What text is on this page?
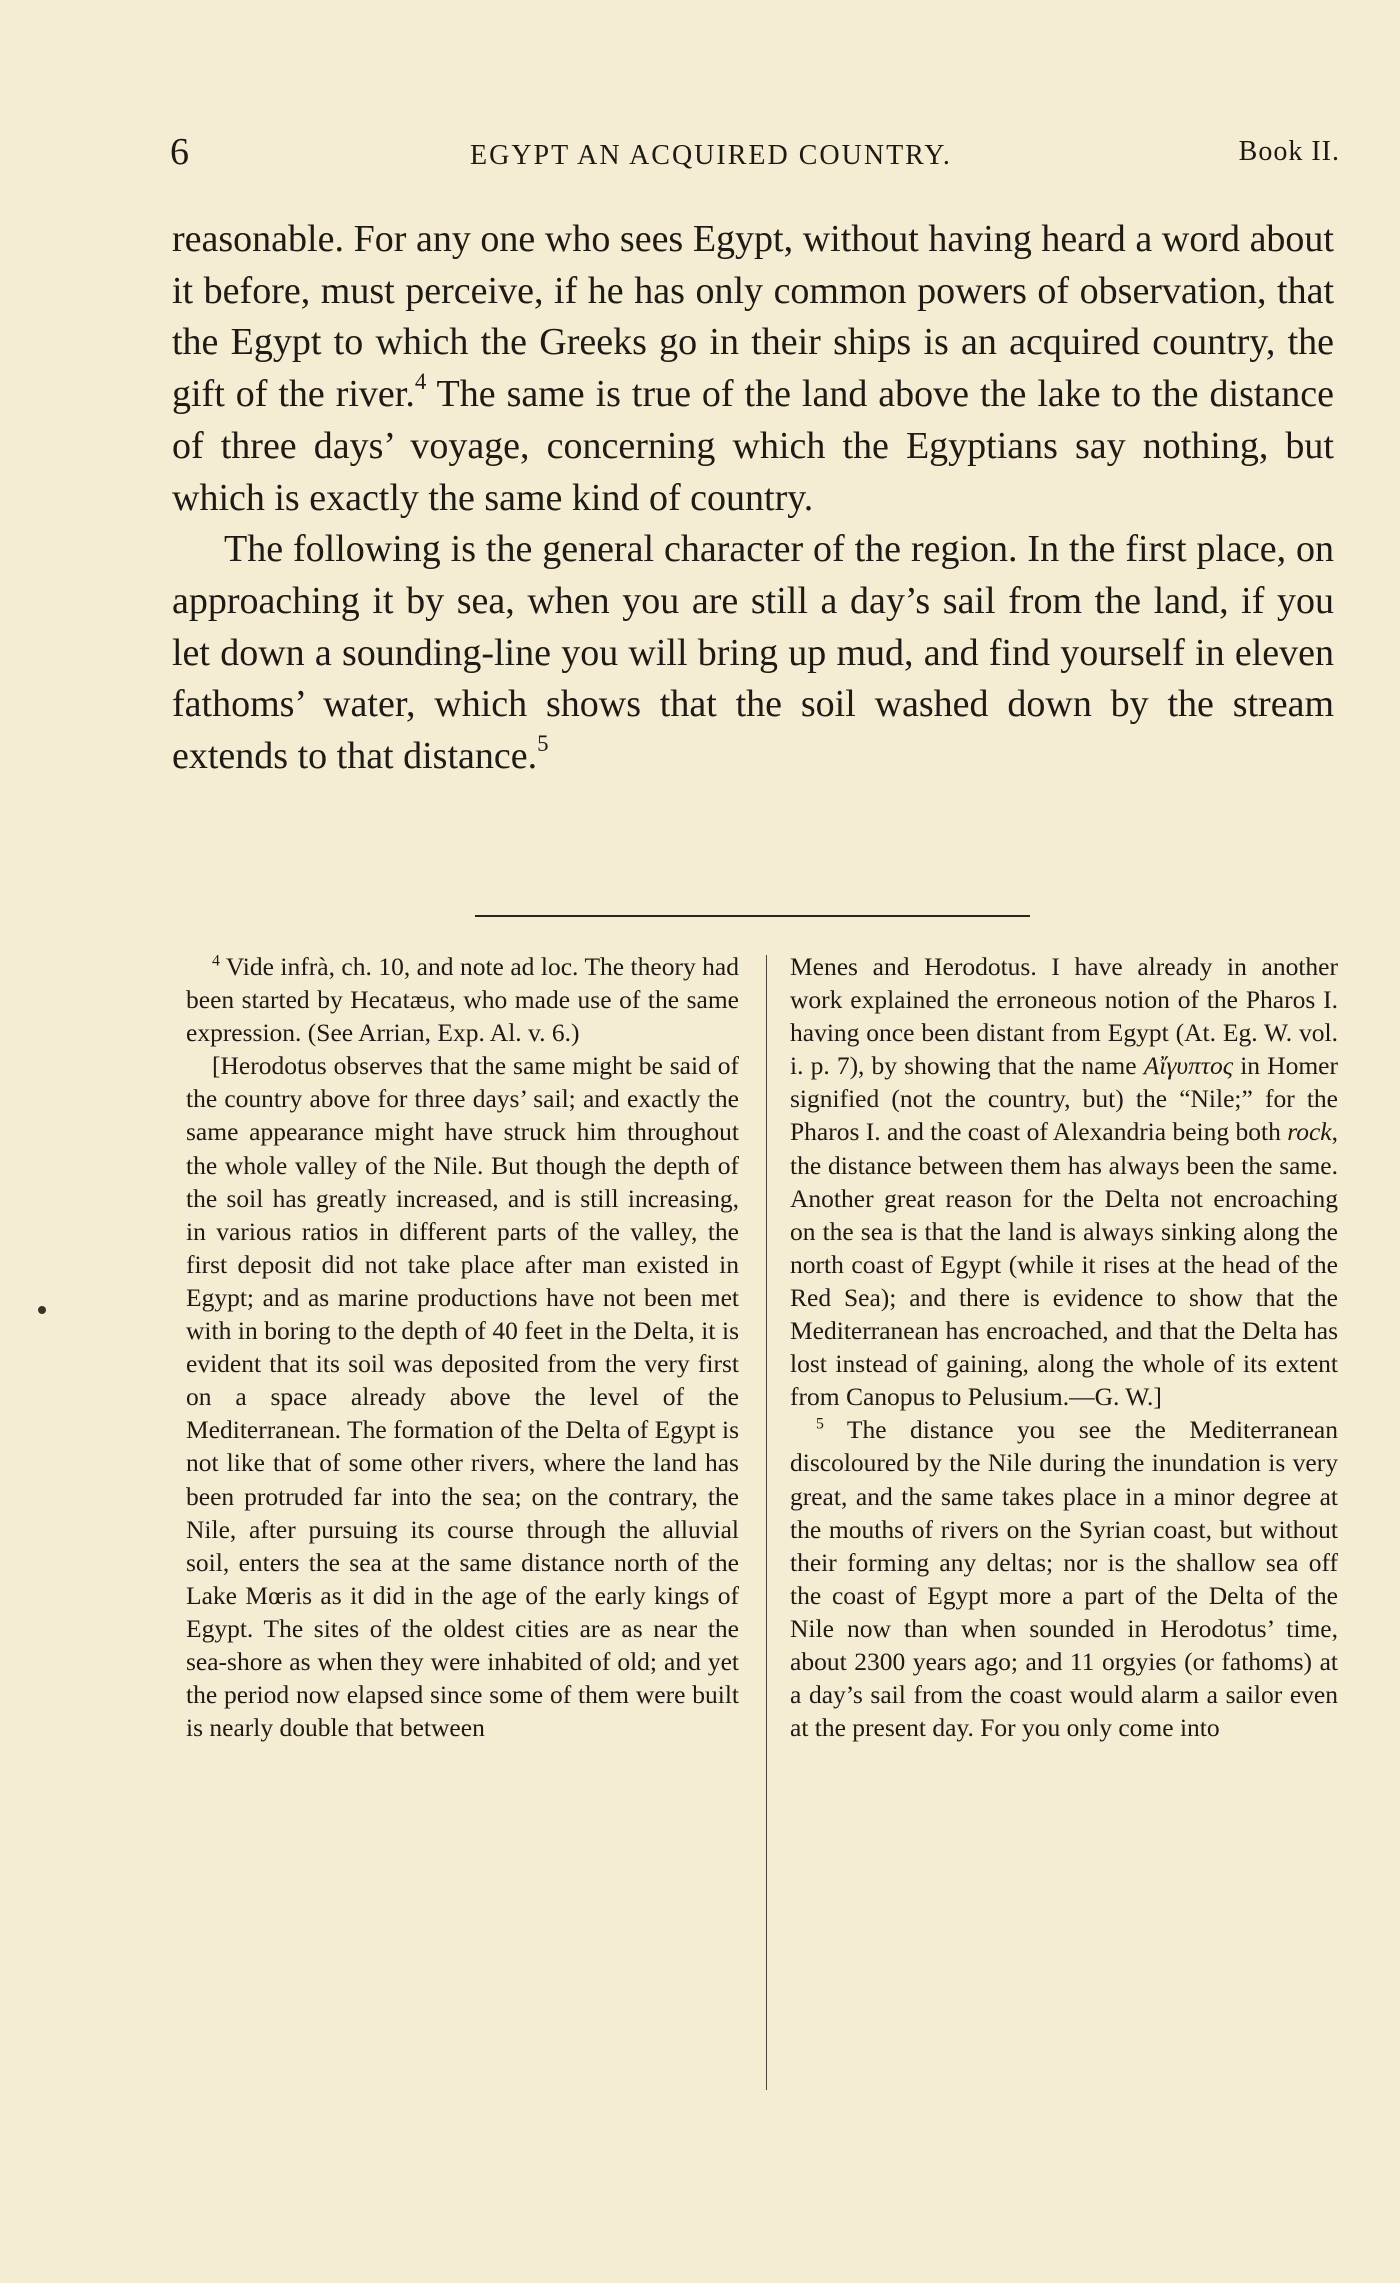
6	EGYPT AN ACQUIRED COUNTRY.	Book II.

reasonable. For any one who sees Egypt, without having heard a word about it before, must perceive, if he has only common powers of observation, that the Egypt to which the Greeks go in their ships is an acquired country, the gift of the river.$^4$ The same is true of the land above the lake to the distance of three days’ voyage, concerning which the Egyptians say nothing, but which is exactly the same kind of country.

The following is the general character of the region. In the first place, on approaching it by sea, when you are still a day’s sail from the land, if you let down a sounding-line you will bring up mud, and find yourself in eleven fathoms’ water, which shows that the soil washed down by the stream extends to that distance.$^5$

$^4$ Vide infrà, ch. 10, and note ad loc. The theory had been started by Hecatæus, who made use of the same expression. (See Arrian, Exp. Al. v. 6.)

[Herodotus observes that the same might be said of the country above for three days’ sail; and exactly the same appearance might have struck him throughout the whole valley of the Nile. But though the depth of the soil has greatly increased, and is still increasing, in various ratios in different parts of the valley, the first deposit did not take place after man existed in Egypt; and as marine productions have not been met with in boring to the depth of 40 feet in the Delta, it is evident that its soil was deposited from the very first on a space already above the level of the Mediterranean. The formation of the Delta of Egypt is not like that of some other rivers, where the land has been protruded far into the sea; on the contrary, the Nile, after pursuing its course through the alluvial soil, enters the sea at the same distance north of the Lake Mœris as it did in the age of the early kings of Egypt. The sites of the oldest cities are as near the sea-shore as when they were inhabited of old; and yet the period now elapsed since some of them were built is nearly double that between

Menes and Herodotus. I have already in another work explained the erroneous notion of the Pharos I. having once been distant from Egypt (At. Eg. W. vol. i. p. 7), by showing that the name Αἴγυπτος in Homer signified (not the country, but) the “Nile;” for the Pharos I. and the coast of Alexandria being both rock, the distance between them has always been the same. Another great reason for the Delta not encroaching on the sea is that the land is always sinking along the north coast of Egypt (while it rises at the head of the Red Sea); and there is evidence to show that the Mediterranean has encroached, and that the Delta has lost instead of gaining, along the whole of its extent from Canopus to Pelusium.—G. W.]

$^5$ The distance you see the Mediterranean discoloured by the Nile during the inundation is very great, and the same takes place in a minor degree at the mouths of rivers on the Syrian coast, but without their forming any deltas; nor is the shallow sea off the coast of Egypt more a part of the Delta of the Nile now than when sounded in Herodotus’ time, about 2300 years ago; and 11 orgyies (or fathoms) at a day’s sail from the coast would alarm a sailor even at the present day. For you only come into
